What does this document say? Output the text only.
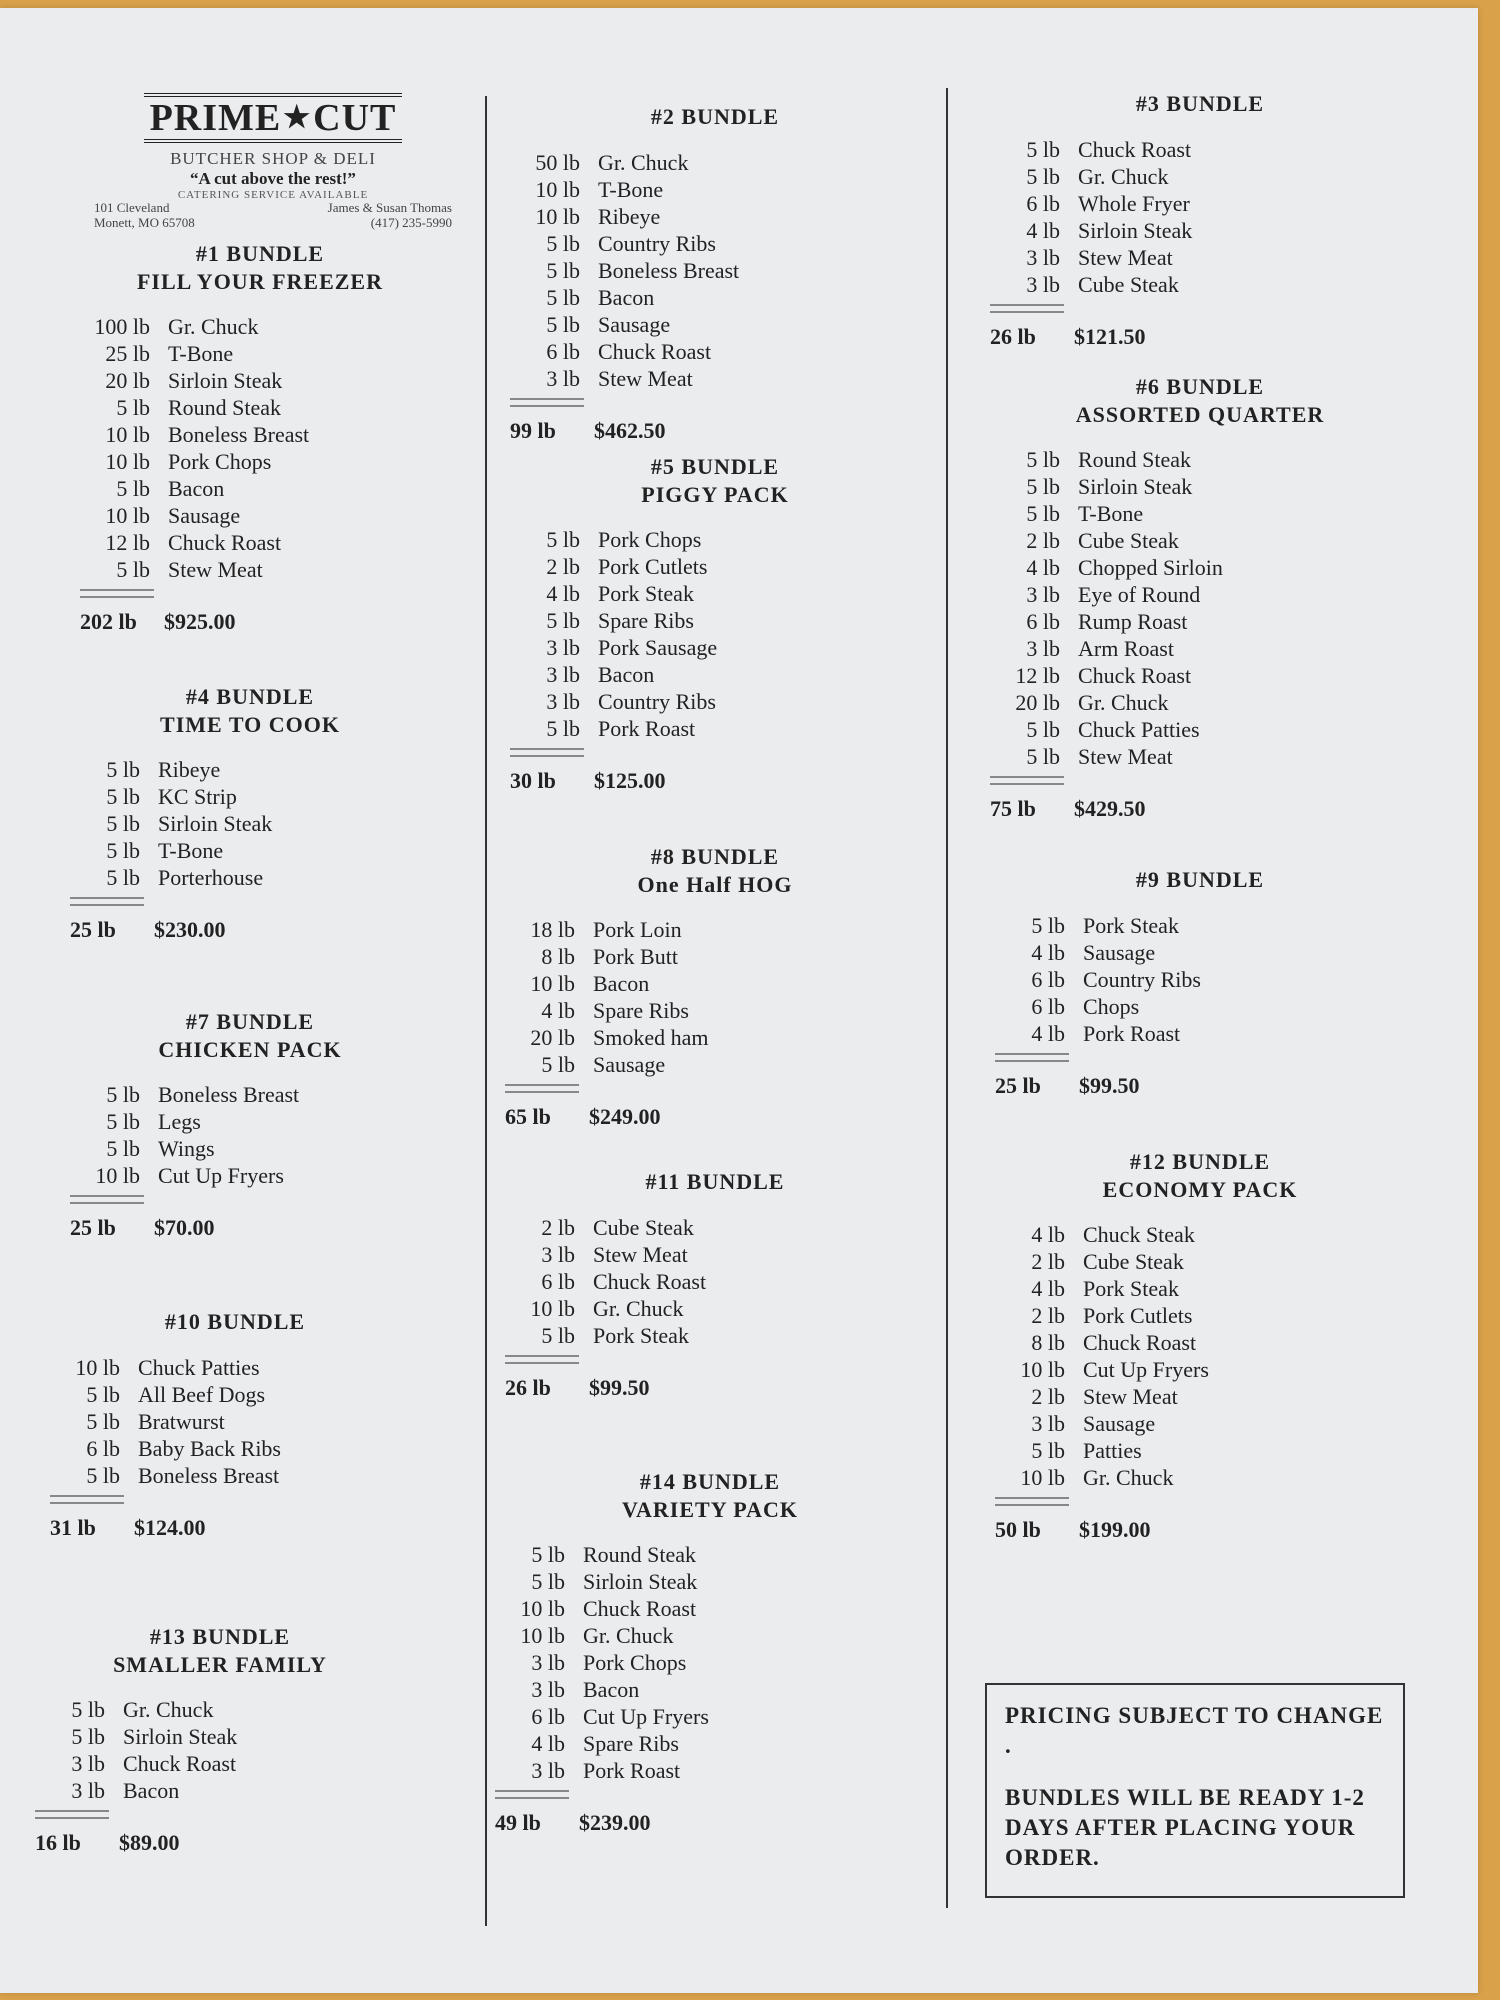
PRIME★CUT
BUTCHER SHOP & DELI
“A cut above the rest!”
CATERING SERVICE AVAILABLE
101 Cleveland
Monett, MO 65708
James & Susan Thomas
(417) 235-5990
#1 BUNDLE
FILL YOUR FREEZER
100 lb Gr. Chuck
25 lb T-Bone
20 lb Sirloin Steak
5 lb Round Steak
10 lb Boneless Breast
10 lb Pork Chops
5 lb Bacon
10 lb Sausage
12 lb Chuck Roast
5 lb Stew Meat
202 lb	$925.00
#4 BUNDLE
TIME TO COOK
5 lb Ribeye
5 lb KC Strip
5 lb Sirloin Steak
5 lb T-Bone
5 lb Porterhouse
25 lb	$230.00
#7 BUNDLE
CHICKEN PACK
5 lb Boneless Breast
5 lb Legs
5 lb Wings
10 lb Cut Up Fryers
25 lb	$70.00
#10 BUNDLE
10 lb Chuck Patties
5 lb All Beef Dogs
5 lb Bratwurst
6 lb Baby Back Ribs
5 lb Boneless Breast
31 lb	$124.00
#13 BUNDLE
SMALLER FAMILY
5 lb Gr. Chuck
5 lb Sirloin Steak
3 lb Chuck Roast
3 lb Bacon
16 lb	$89.00
#2 BUNDLE
50 lb Gr. Chuck
10 lb T-Bone
10 lb Ribeye
5 lb Country Ribs
5 lb Boneless Breast
5 lb Bacon
5 lb Sausage
6 lb Chuck Roast
3 lb Stew Meat
99 lb	$462.50
#5 BUNDLE
PIGGY PACK
5 lb Pork Chops
2 lb Pork Cutlets
4 lb Pork Steak
5 lb Spare Ribs
3 lb Pork Sausage
3 lb Bacon
3 lb Country Ribs
5 lb Pork Roast
30 lb	$125.00
#8 BUNDLE
One Half HOG
18 lb Pork Loin
8 lb Pork Butt
10 lb Bacon
4 lb Spare Ribs
20 lb Smoked ham
5 lb Sausage
65 lb	$249.00
#11 BUNDLE
2 lb Cube Steak
3 lb Stew Meat
6 lb Chuck Roast
10 lb Gr. Chuck
5 lb Pork Steak
26 lb	$99.50
#14 BUNDLE
VARIETY PACK
5 lb Round Steak
5 lb Sirloin Steak
10 lb Chuck Roast
10 lb Gr. Chuck
3 lb Pork Chops
3 lb Bacon
6 lb Cut Up Fryers
4 lb Spare Ribs
3 lb Pork Roast
49 lb	$239.00
#3 BUNDLE
5 lb Chuck Roast
5 lb Gr. Chuck
6 lb Whole Fryer
4 lb Sirloin Steak
3 lb Stew Meat
3 lb Cube Steak
26 lb	$121.50
#6 BUNDLE
ASSORTED QUARTER
5 lb Round Steak
5 lb Sirloin Steak
5 lb T-Bone
2 lb Cube Steak
4 lb Chopped Sirloin
3 lb Eye of Round
6 lb Rump Roast
3 lb Arm Roast
12 lb Chuck Roast
20 lb Gr. Chuck
5 lb Chuck Patties
5 lb Stew Meat
75 lb	$429.50
#9 BUNDLE
5 lb Pork Steak
4 lb Sausage
6 lb Country Ribs
6 lb Chops
4 lb Pork Roast
25 lb	$99.50
#12 BUNDLE
ECONOMY PACK
4 lb Chuck Steak
2 lb Cube Steak
4 lb Pork Steak
2 lb Pork Cutlets
8 lb Chuck Roast
10 lb Cut Up Fryers
2 lb Stew Meat
3 lb Sausage
5 lb Patties
10 lb Gr. Chuck
50 lb	$199.00

PRICING SUBJECT TO CHANGE .

BUNDLES WILL BE READY 1-2 DAYS AFTER PLACING YOUR ORDER.
